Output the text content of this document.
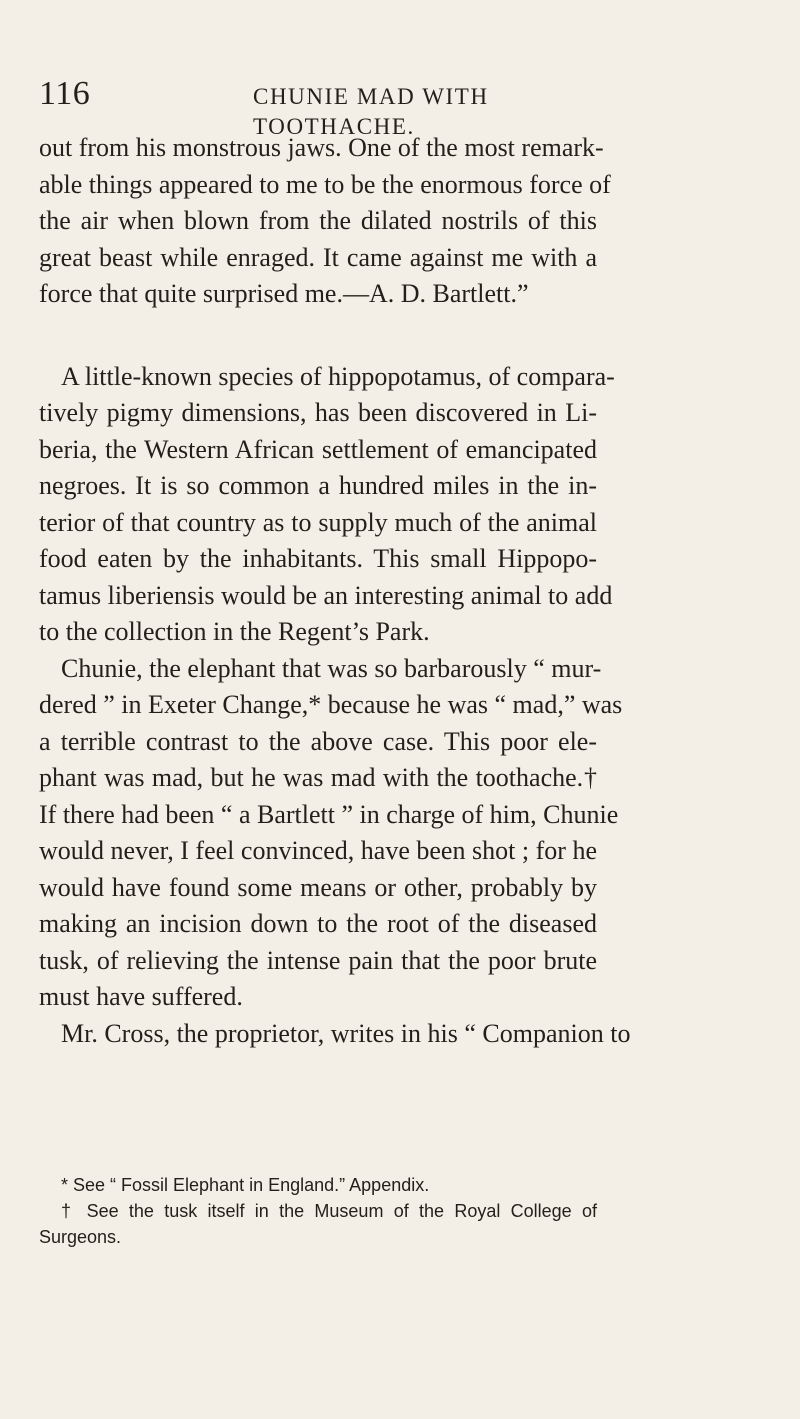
116	CHUNIE MAD WITH TOOTHACHE.
out from his monstrous jaws. One of the most remark-
able things appeared to me to be the enormous force of
the air when blown from the dilated nostrils of this
great beast while enraged. It came against me with a
force that quite surprised me.—A. D. Bartlett.”
A little-known species of hippopotamus, of compara-
tively pigmy dimensions, has been discovered in Li-
beria, the Western African settlement of emancipated
negroes. It is so common a hundred miles in the in-
terior of that country as to supply much of the animal
food eaten by the inhabitants. This small Hippopo-
tamus liberiensis would be an interesting animal to add
to the collection in the Regent’s Park.
Chunie, the elephant that was so barbarously “ mur-
dered ” in Exeter Change,* because he was “ mad,” was
a terrible contrast to the above case. This poor ele-
phant was mad, but he was mad with the toothache.†
If there had been “ a Bartlett ” in charge of him, Chunie
would never, I feel convinced, have been shot ; for he
would have found some means or other, probably by
making an incision down to the root of the diseased
tusk, of relieving the intense pain that the poor brute
must have suffered.
Mr. Cross, the proprietor, writes in his “ Companion to
* See “ Fossil Elephant in England.” Appendix.
† See the tusk itself in the Museum of the Royal College of
Surgeons.
